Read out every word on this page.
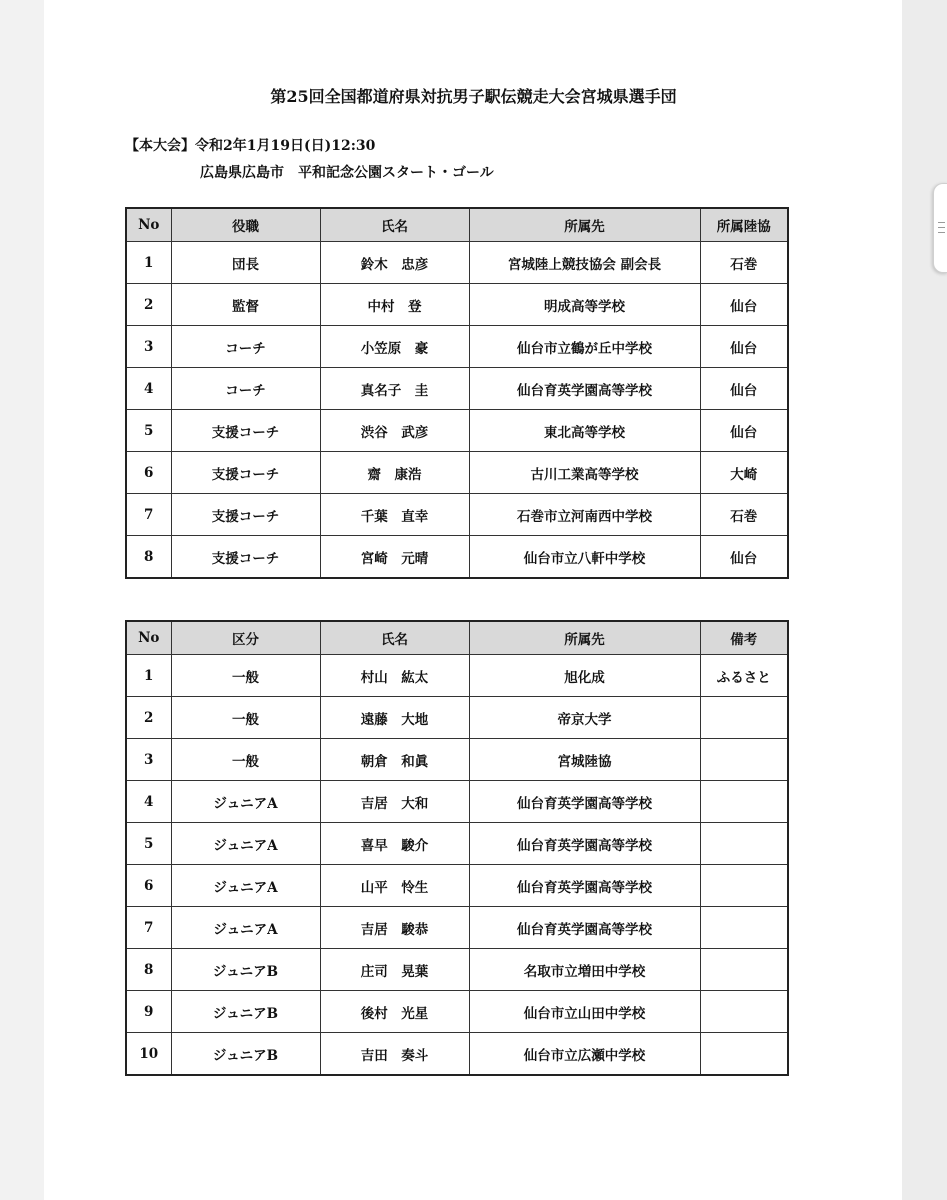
第25回全国都道府県対抗男子駅伝競走大会宮城県選手団
【本大会】令和2年1月19日(日)12:30
広島県広島市　平和記念公園スタート・ゴール
No	役職	氏名	所属先	所属陸協
1	団長	鈴木　忠彦	宮城陸上競技協会 副会長	石巻
2	監督	中村　登	明成高等学校	仙台
3	コーチ	小笠原　豪	仙台市立鶴が丘中学校	仙台
4	コーチ	真名子　圭	仙台育英学園高等学校	仙台
5	支援コーチ	渋谷　武彦	東北高等学校	仙台
6	支援コーチ	齋　康浩	古川工業高等学校	大崎
7	支援コーチ	千葉　直幸	石巻市立河南西中学校	石巻
8	支援コーチ	宮崎　元晴	仙台市立八軒中学校	仙台
No	区分	氏名	所属先	備考
1	一般	村山　紘太	旭化成	ふるさと
2	一般	遠藤　大地	帝京大学	
3	一般	朝倉　和眞	宮城陸協	
4	ジュニアA	吉居　大和	仙台育英学園高等学校	
5	ジュニアA	喜早　駿介	仙台育英学園高等学校	
6	ジュニアA	山平　怜生	仙台育英学園高等学校	
7	ジュニアA	吉居　駿恭	仙台育英学園高等学校	
8	ジュニアB	庄司　晃葉	名取市立増田中学校	
9	ジュニアB	後村　光星	仙台市立山田中学校	
10	ジュニアB	吉田　奏斗	仙台市立広瀬中学校	
